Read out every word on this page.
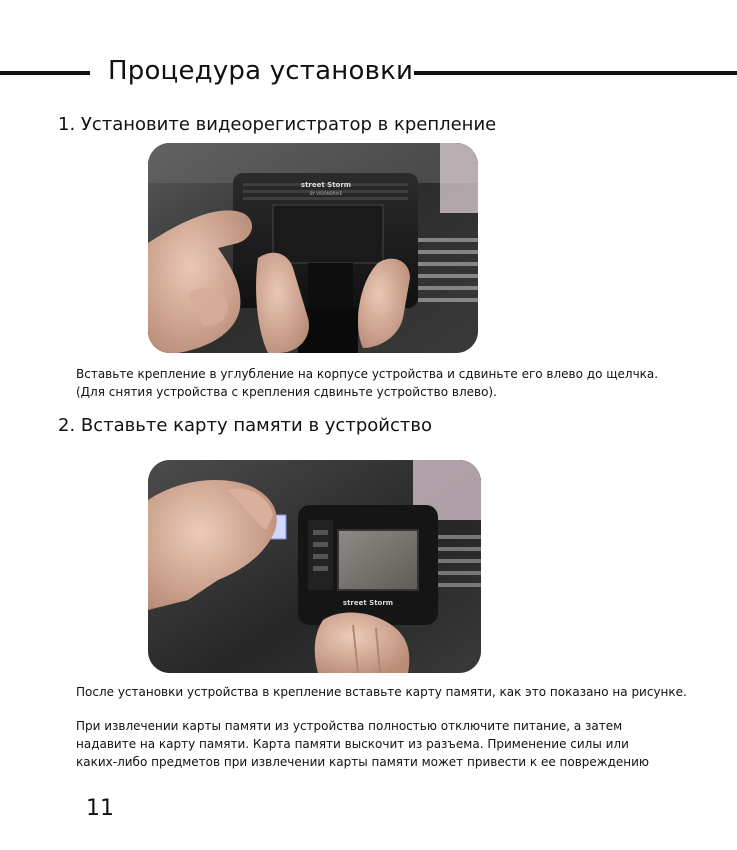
Процедура установки
1. Установите видеорегистратор в крепление
street Storm
BY VISIONDRIVE
Вставьте крепление в углубление на корпусе устройства и сдвиньте его влево до щелчка.
(Для снятия устройства с крепления сдвиньте устройство влево).
2. Вставьте карту памяти в устройство
street Storm
После установки устройства в крепление вставьте карту памяти, как это показано на рисунке.
При извлечении карты памяти из устройства полностью отключите питание, а затем
надавите на карту памяти. Карта памяти выскочит из разъема. Применение силы или
каких-либо предметов при извлечении карты памяти может привести к ее повреждению
11
